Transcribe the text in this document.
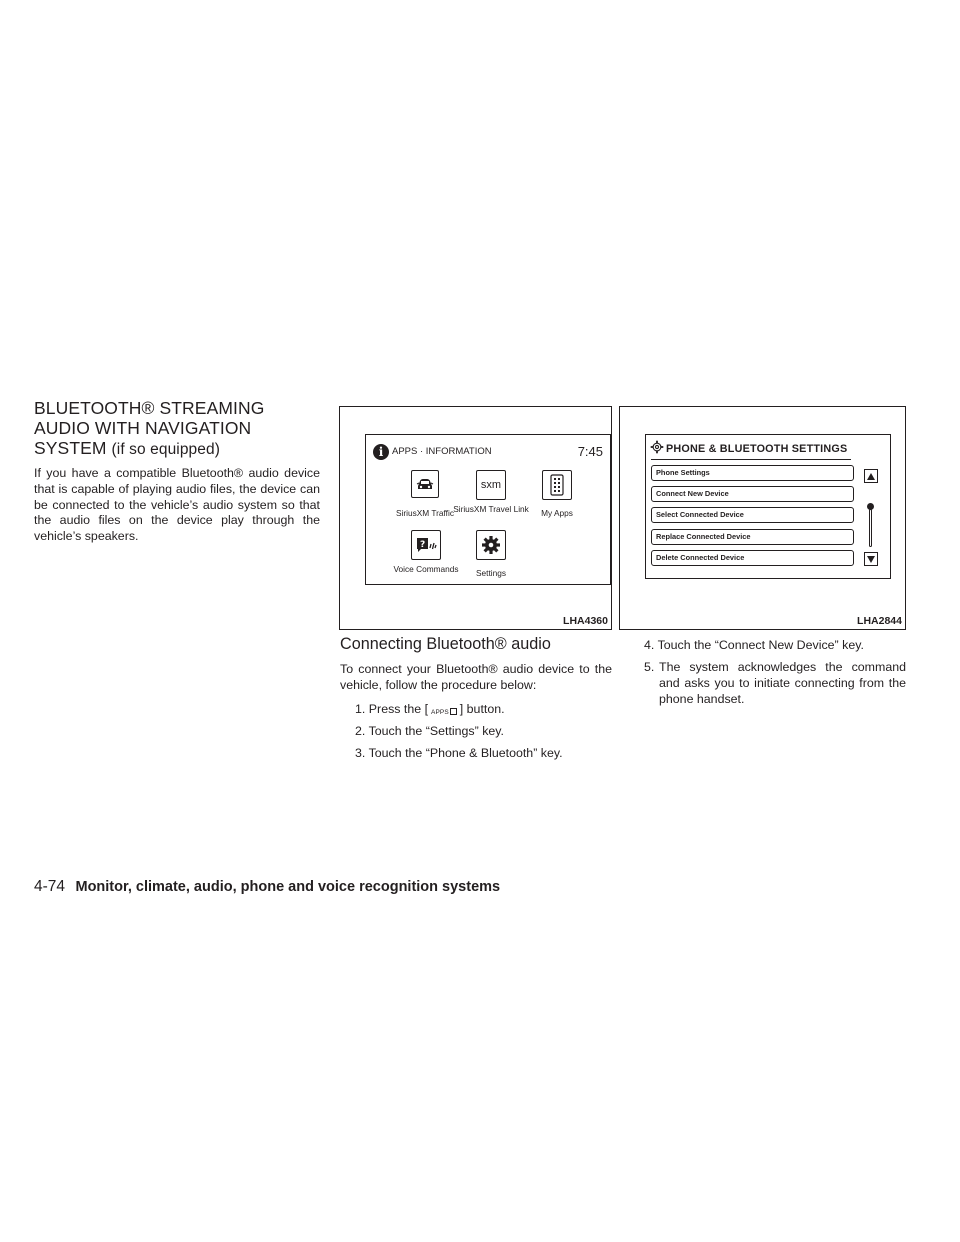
BLUETOOTH® STREAMING AUDIO WITH NAVIGATION SYSTEM (if so equipped)
If you have a compatible Bluetooth® audio device that is capable of playing audio files, the device can be connected to the vehicle’s audio system so that the audio files on the device play through the vehicle’s speakers.
i APPS · INFORMATION	7:45
SiriusXM Traffic
sxm
SiriusXM Travel Link	My Apps
?
Voice Commands	Settings
LHA4360
PHONE & BLUETOOTH SETTINGS
Phone Settings
Connect New Device
Select Connected Device
Replace Connected Device
Delete Connected Device
LHA2844
Connecting Bluetooth® audio
To connect your Bluetooth® audio device to the vehicle, follow the procedure below:
1. Press the [ APPS ] button.
2. Touch the “Settings” key.
3. Touch the “Phone & Bluetooth” key.
4. Touch the “Connect New Device” key.
5. The system acknowledges the command and asks you to initiate connecting from the phone handset.
4-74 Monitor, climate, audio, phone and voice recognition systems
